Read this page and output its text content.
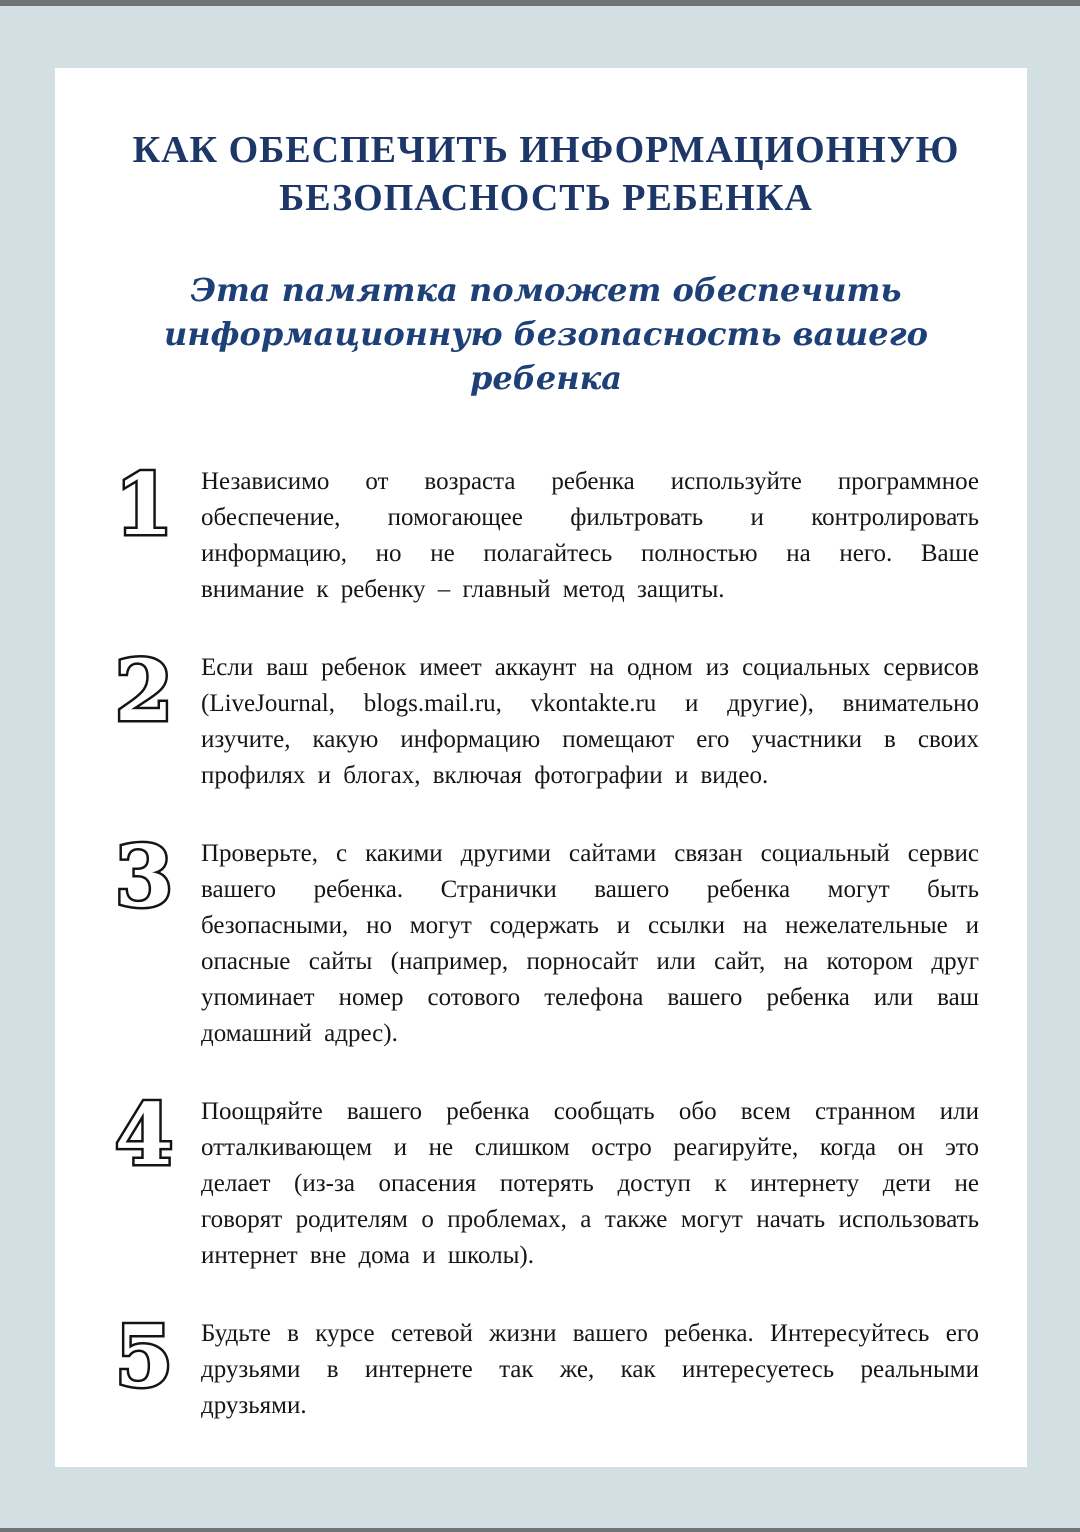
КАК ОБЕСПЕЧИТЬ ИНФОРМАЦИОННУЮ
БЕЗОПАСНОСТЬ РЕБЕНКА
Эта памятка поможет обеспечить
информационную безопасность вашего ребенка
1 Независимо от возраста ребенка используйте программное обеспечение, помогающее фильтровать и контролировать информацию, но не полагайтесь полностью на него. Ваше внимание к ребенку – главный метод защиты.

2 Если ваш ребенок имеет аккаунт на одном из социальных сервисов (LiveJournal, blogs.mail.ru, vkontakte.ru и другие), внимательно изучите, какую информацию помещают его участники в своих профилях и блогах, включая фотографии и видео.

3 Проверьте, с какими другими сайтами связан социальный сервис вашего ребенка. Странички вашего ребенка могут быть безопасными, но могут содержать и ссылки на нежелательные и опасные сайты (например, порносайт или сайт, на котором друг упоминает номер сотового телефона вашего ребенка или ваш домашний адрес).

4 Поощряйте вашего ребенка сообщать обо всем странном или отталкивающем и не слишком остро реагируйте, когда он это делает (из-за опасения потерять доступ к интернету дети не говорят родителям о проблемах, а также могут начать использовать интернет вне дома и школы).

5 Будьте в курсе сетевой жизни вашего ребенка. Интересуйтесь его друзьями в интернете так же, как интересуетесь реальными друзьями.
